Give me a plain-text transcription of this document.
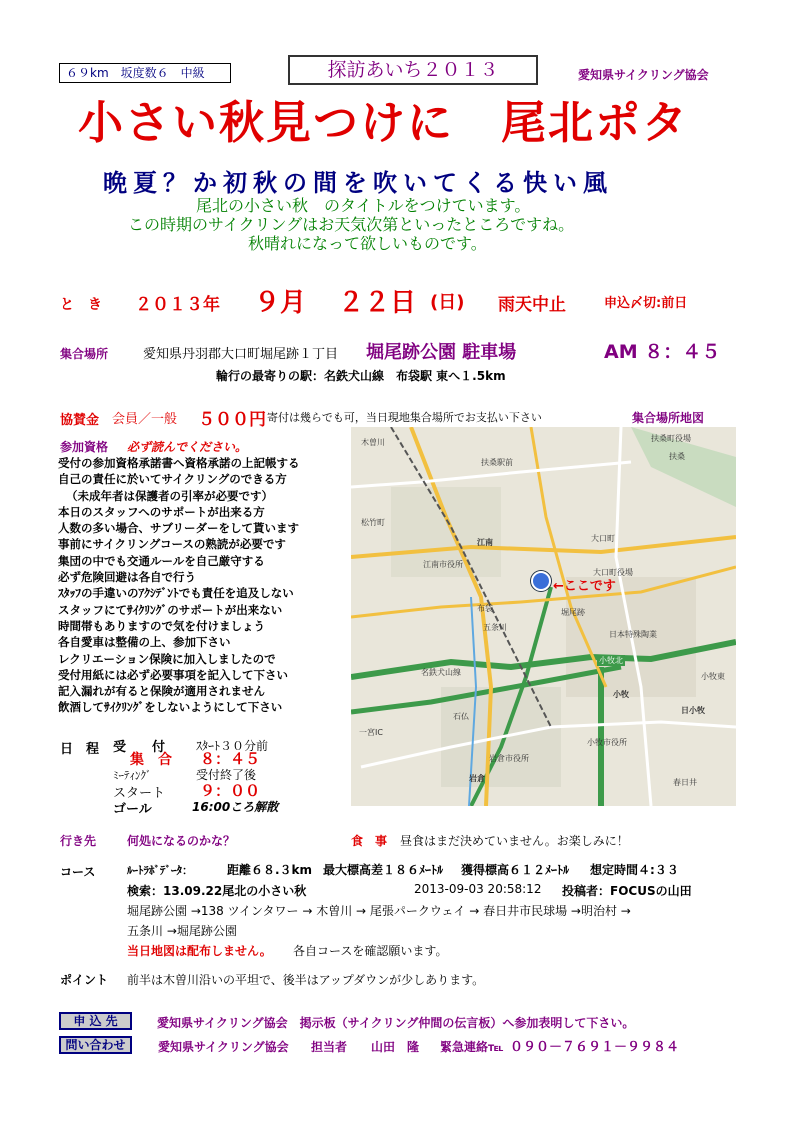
６９km　坂度数６　中級	探訪あいち２０１３	愛知県サイクリング協会
小さい秋見つけに　尾北ポタ
晩夏？か初秋の間を吹いてくる快い風
尾北の小さい秋　のタイトルをつけています。
この時期のサイクリングはお天気次第といったところですね。
秋晴れになって欲しいものです。
と　き ２０１３年 ９月 ２２日 (日) 雨天中止	申込〆切:前日
集合場所	愛知県丹羽郡大口町堀尾跡１丁目 堀尾跡公園 駐車場	AM ８：４５
輪行の最寄りの駅：名鉄犬山線　布袋駅 東へ１.5km
協賛金 会員／一般 ５００円 寄付は幾らでも可，当日現地集合場所でお支払い下さい	集合場所地図
参加資格 必ず読んでください。
受付の参加資格承諾書へ資格承諾の上記帳する
自己の責任に於いてサイクリングのできる方
（未成年者は保護者の引率が必要です）
本日のスタッフへのサポートが出来る方
人数の多い場合、サブリーダーをして貰います
事前にサイクリングコースの熟読が必要です
集団の中でも交通ルールを自己厳守する
必ず危険回避は各自で行う
ｽﾀｯﾌの手違いのｱｸｼﾃﾞﾝﾄでも責任を追及しない
スタッフにてｻｲｸﾘﾝｸﾞのサポートが出来ない
時間帯もありますので気を付けましょう
各自愛車は整備の上、参加下さい
レクリエーション保険に加入しましたので
受付用紙には必ず必要事項を記入して下さい
記入漏れが有ると保険が適用されません
飲酒してｻｲｸﾘﾝｸﾞをしないようにして下さい
日　程 受　　付	ｽﾀｰﾄ３０分前
集　合 ８：４５
ﾐｰﾃｨﾝｸﾞ	受付終了後
スタート ９：００
ゴール	16:00ころ解散
扶桑町役場
扶桑
江南	大口町
大口町役場
江南市役所
堀尾跡
日本特殊陶業
小牧北
小牧
小牧東
日小牧
岩倉
小牧市役所
松竹町
五条川
名鉄犬山線
扶桑駅前
布袋
石仏
一宮IC
木曽川
岩倉市役所
春日井
←ここです
行き先	何処になるのかな？	食　事 昼食はまだ決めていません。お楽しみに！
コース	ﾙｰﾄﾗﾎﾞﾃﾞｰﾀ：	距離６８.３km 最大標高差１８６ﾒｰﾄﾙ 獲得標高６１２ﾒｰﾄﾙ 想定時間４:３３
検索：13.09.22尾北の小さい秋	2013-09-03 20:58:12 投稿者：FOCUSの山田
堀尾跡公園 →138 ツインタワー → 木曽川 → 尾張パークウェイ → 春日井市民球場 →明治村 →
五条川 →堀尾跡公園
当日地図は配布しません。 各自コースを確認願います。
ポイント 前半は木曽川沿いの平坦で、後半はアップダウンが少しあります。
申 込 先	愛知県サイクリング協会　掲示板（サイクリング仲間の伝言板）へ参加表明して下さい。
問い合わせ	愛知県サイクリング協会 担当者 山田　隆 緊急連絡℡ ０９０－７６９１－９９８４
